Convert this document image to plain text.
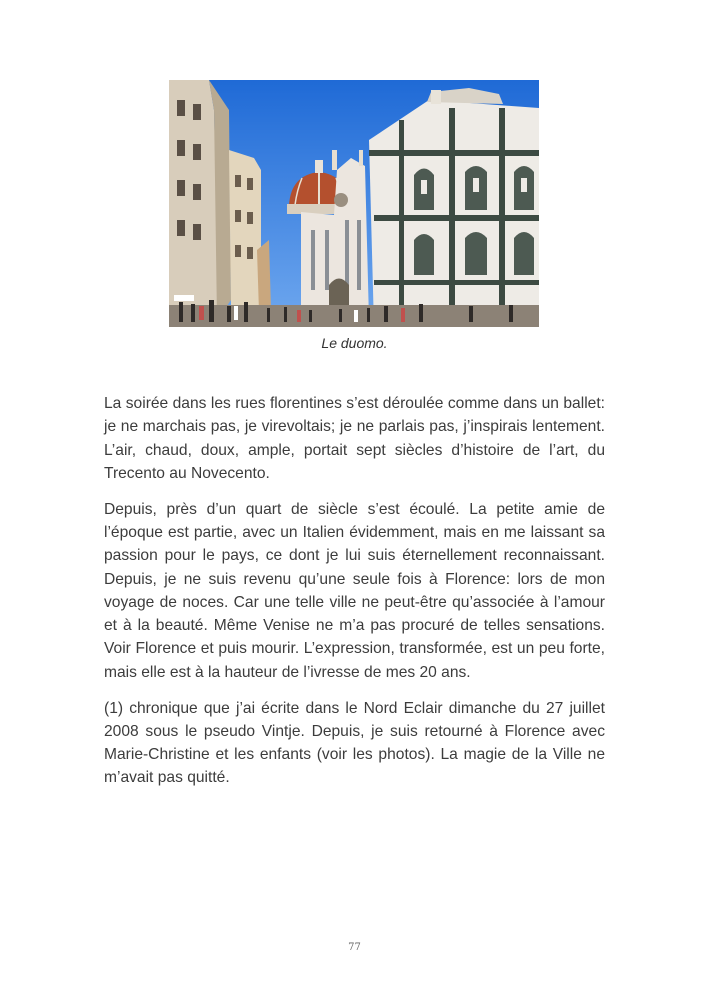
Le duomo.

La soirée dans les rues florentines s’est déroulée comme dans un ballet: je ne marchais pas, je virevoltais; je ne parlais pas, j’inspirais lentement. L’air, chaud, doux, ample, portait sept siècles d’histoire de l’art, du Trecento au Novecento.

Depuis, près d’un quart de siècle s’est écoulé. La petite amie de l’époque est partie, avec un Italien évidemment, mais en me laissant sa passion pour le pays, ce dont je lui suis éternellement reconnaissant. Depuis, je ne suis revenu qu’une seule fois à Florence: lors de mon voyage de noces. Car une telle ville ne peut-être qu’associée à l’amour et à la beauté. Même Venise ne m’a pas procuré de telles sensations. Voir Florence et puis mourir. L’expression, transformée, est un peu forte, mais elle est à la hauteur de l’ivresse de mes 20 ans.

(1) chronique que j’ai écrite dans le Nord Eclair dimanche du 27 juillet 2008 sous le pseudo Vintje. Depuis, je suis retourné à Florence avec Marie-Christine et les enfants (voir les photos). La magie de la Ville ne m’avait pas quitté.

77
